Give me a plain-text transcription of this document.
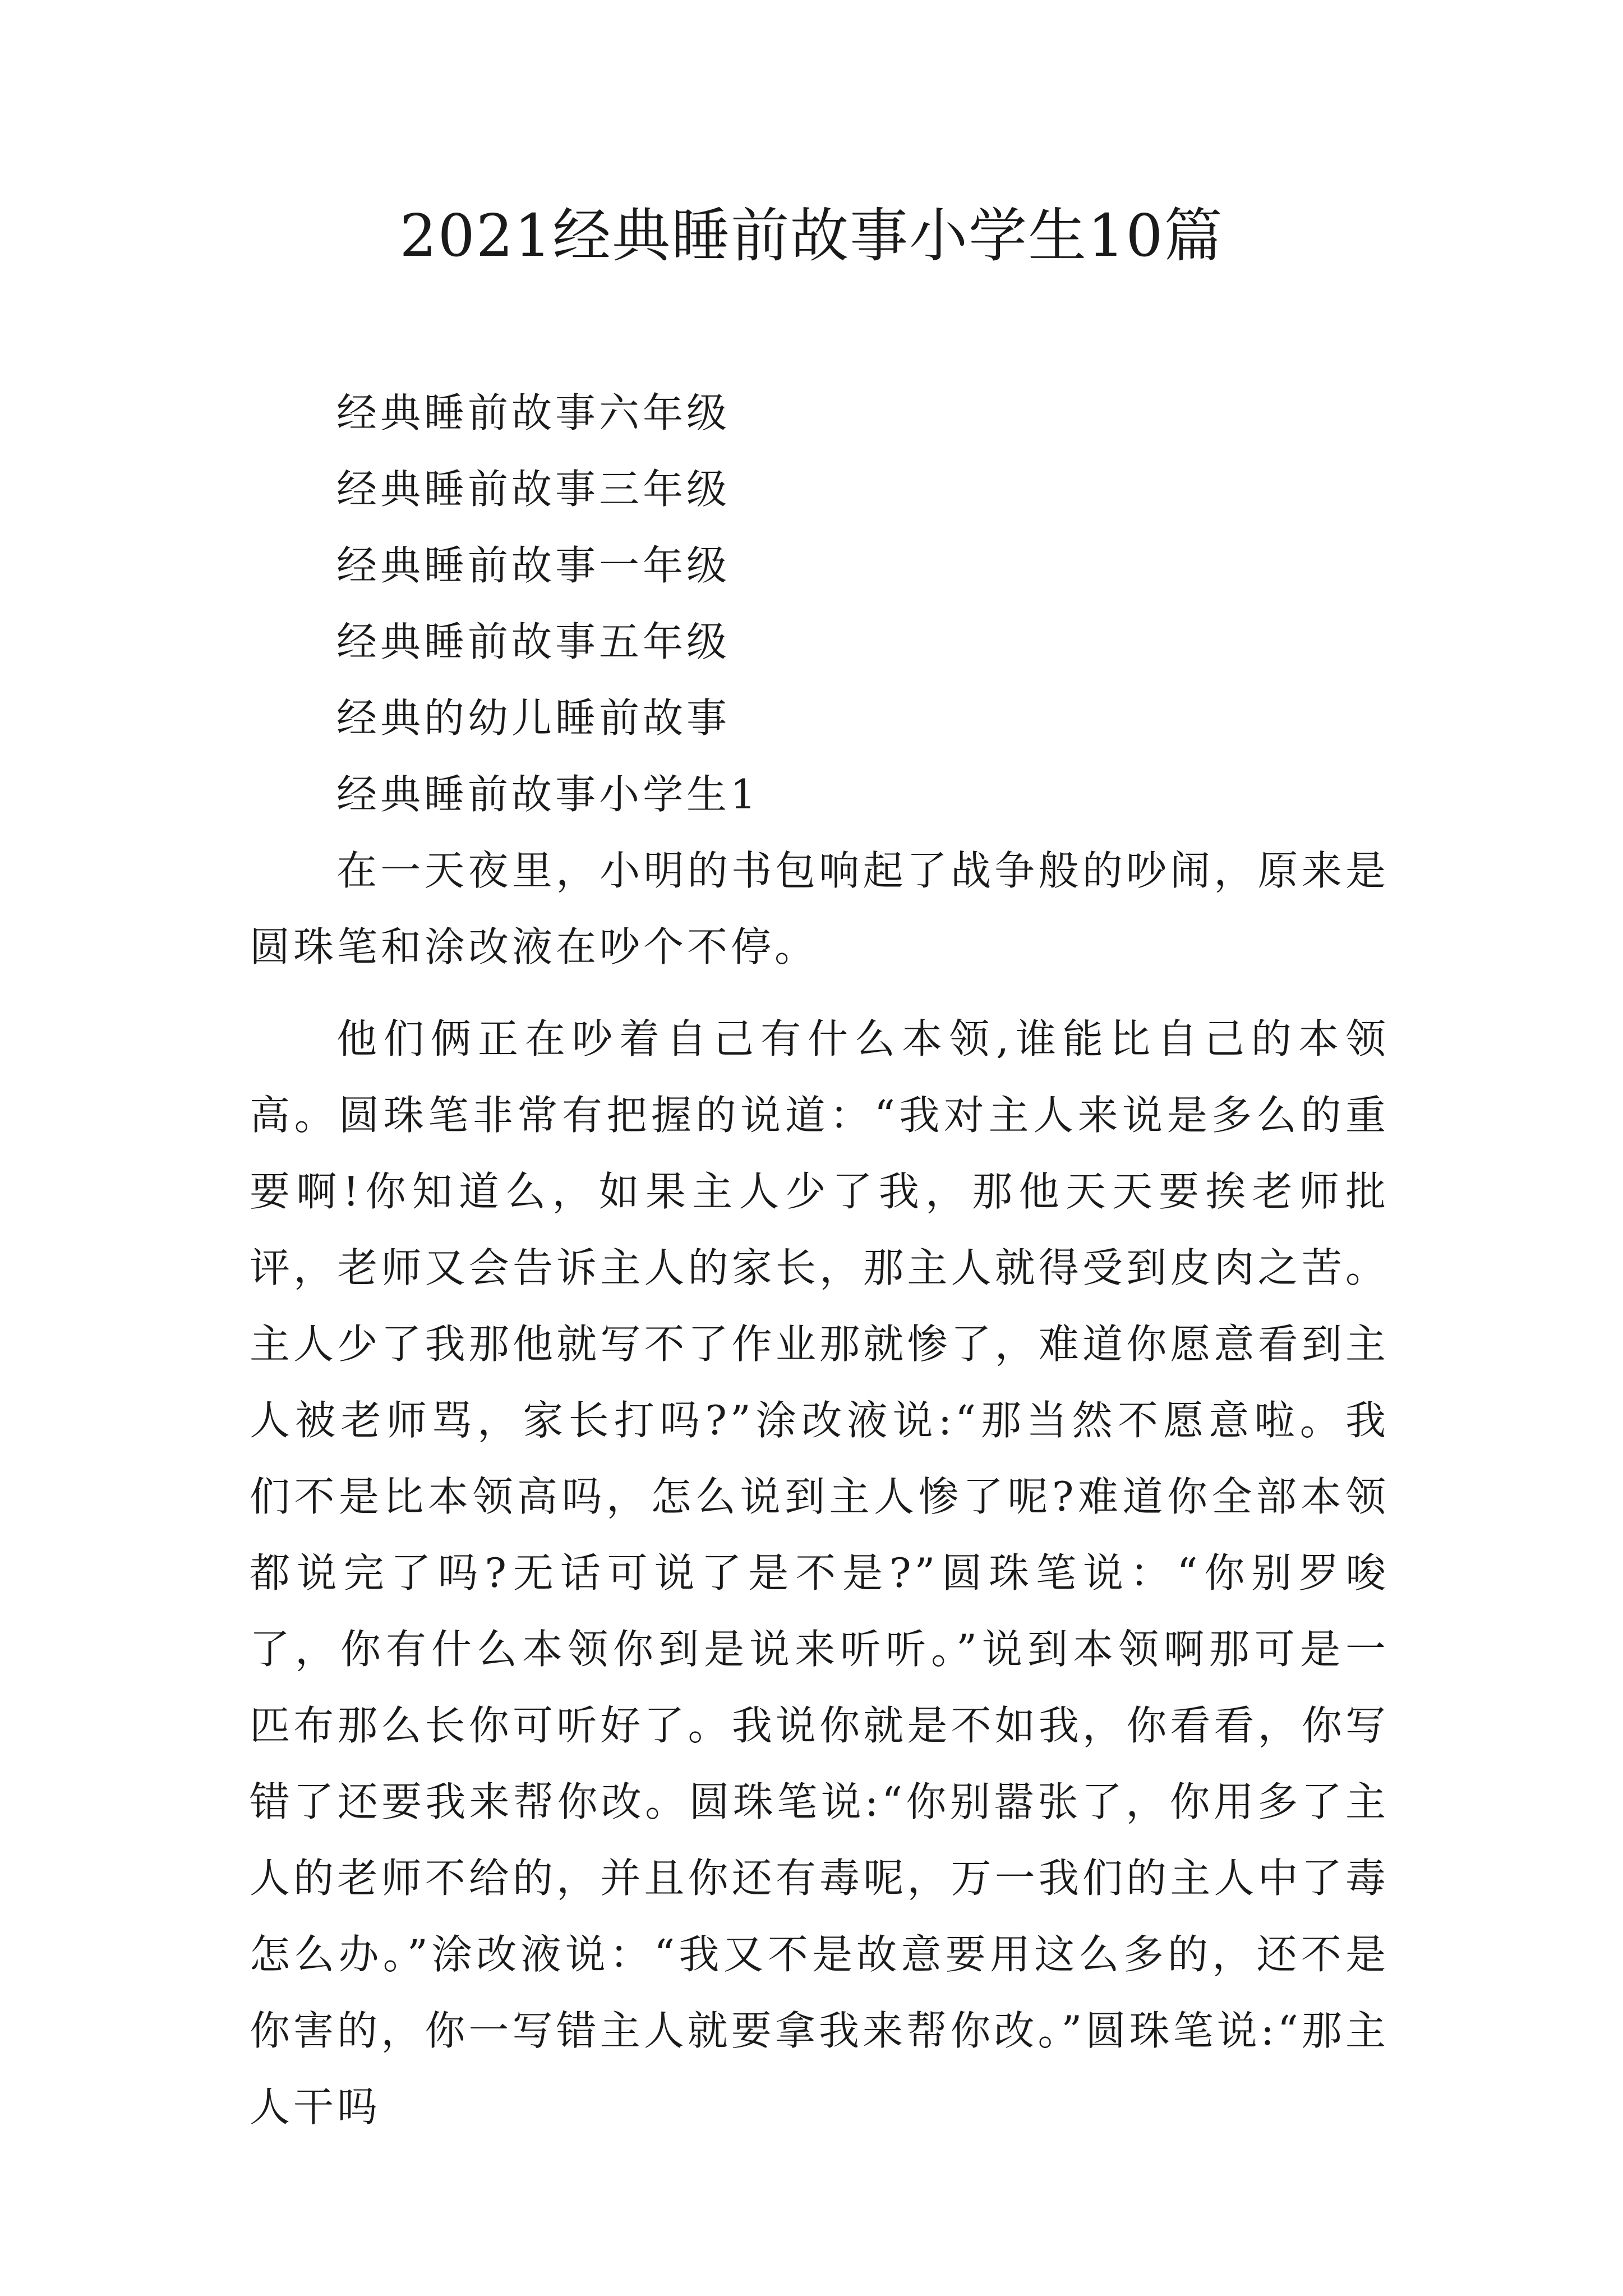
2021经典睡前故事小学生10篇
经典睡前故事六年级
经典睡前故事三年级
经典睡前故事一年级
经典睡前故事五年级
经典的幼儿睡前故事
经典睡前故事小学生1

在一天夜里，小明的书包响起了战争般的吵闹，原来是圆珠笔和涂改液在吵个不停。

他们俩正在吵着自己有什么本领,谁能比自己的本领高。圆珠笔非常有把握的说道：“我对主人来说是多么的重要啊!你知道么，如果主人少了我，那他天天要挨老师批评，老师又会告诉主人的家长，那主人就得受到皮肉之苦。主人少了我那他就写不了作业那就惨了，难道你愿意看到主人被老师骂，家长打吗?”涂改液说:“那当然不愿意啦。我们不是比本领高吗，怎么说到主人惨了呢?难道你全部本领都说完了吗?无话可说了是不是?”圆珠笔说：“你别罗唆了，你有什么本领你到是说来听听。”说到本领啊那可是一匹布那么长你可听好了。我说你就是不如我，你看看，你写错了还要我来帮你改。圆珠笔说:“你别嚣张了，你用多了主人的老师不给的，并且你还有毒呢，万一我们的主人中了毒怎么办。”涂改液说：“我又不是故意要用这么多的，还不是你害的，你一写错主人就要拿我来帮你改。”圆珠笔说:“那主人干吗
